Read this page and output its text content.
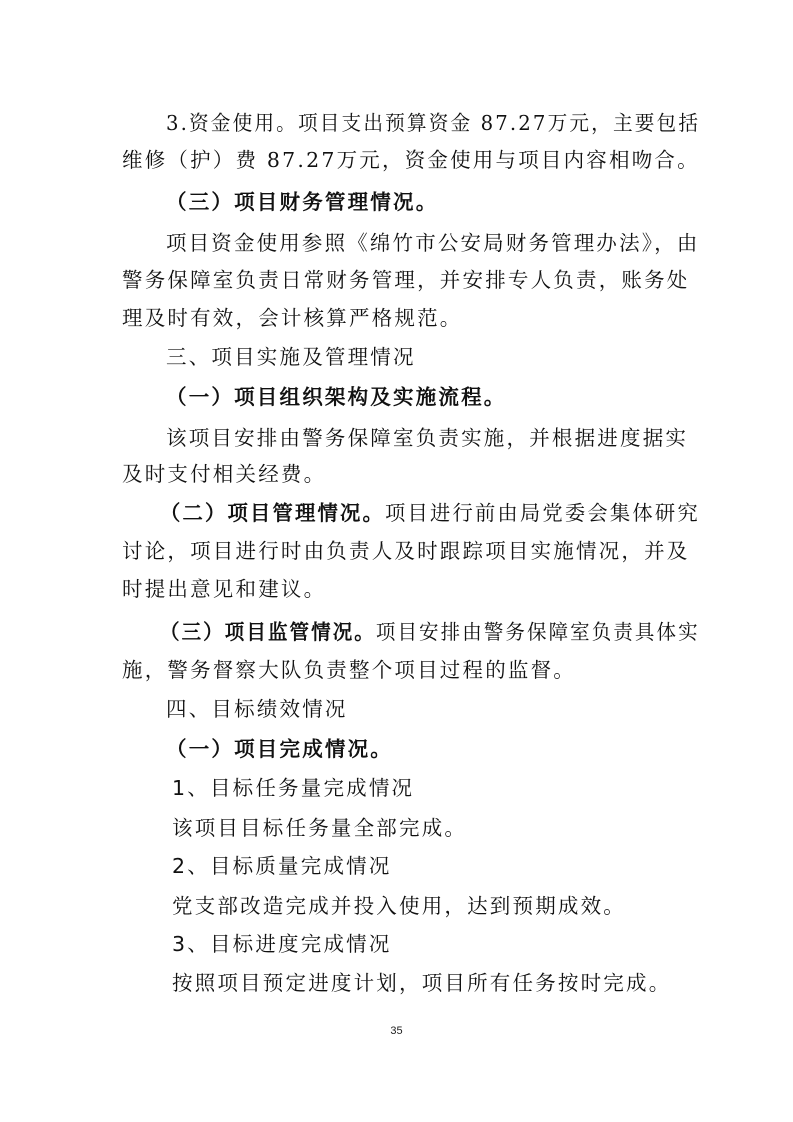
3.资金使用。项目支出预算资金 87.27万元，主要包括
维修（护）费 87.27万元，资金使用与项目内容相吻合。
（三）项目财务管理情况。
项目资金使用参照《绵竹市公安局财务管理办法》，由
警务保障室负责日常财务管理，并安排专人负责，账务处
理及时有效，会计核算严格规范。
三、项目实施及管理情况
（一）项目组织架构及实施流程。
该项目安排由警务保障室负责实施，并根据进度据实
及时支付相关经费。
（二）项目管理情况。项目进行前由局党委会集体研究
讨论，项目进行时由负责人及时跟踪项目实施情况，并及
时提出意见和建议。
（三）项目监管情况。项目安排由警务保障室负责具体实
施，警务督察大队负责整个项目过程的监督。
四、目标绩效情况
（一）项目完成情况。
1、目标任务量完成情况
该项目目标任务量全部完成。
2、目标质量完成情况
党支部改造完成并投入使用，达到预期成效。
3、目标进度完成情况
按照项目预定进度计划，项目所有任务按时完成。
35
